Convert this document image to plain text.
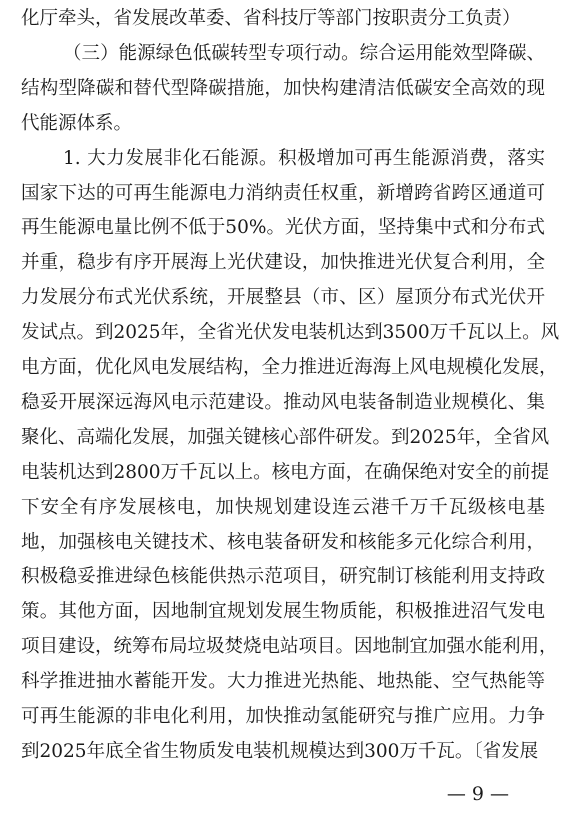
化厅牵头，省发展改革委、省科技厅等部门按职责分工负责）
（三）能源绿色低碳转型专项行动。综合运用能效型降碳、
结构型降碳和替代型降碳措施，加快构建清洁低碳安全高效的现
代能源体系。
1. 大力发展非化石能源。积极增加可再生能源消费，落实
国家下达的可再生能源电力消纳责任权重，新增跨省跨区通道可
再生能源电量比例不低于50%。光伏方面，坚持集中式和分布式
并重，稳步有序开展海上光伏建设，加快推进光伏复合利用，全
力发展分布式光伏系统，开展整县（市、区）屋顶分布式光伏开
发试点。到2025年，全省光伏发电装机达到3500万千瓦以上。风
电方面，优化风电发展结构，全力推进近海海上风电规模化发展，
稳妥开展深远海风电示范建设。推动风电装备制造业规模化、集
聚化、高端化发展，加强关键核心部件研发。到2025年，全省风
电装机达到2800万千瓦以上。核电方面，在确保绝对安全的前提
下安全有序发展核电，加快规划建设连云港千万千瓦级核电基
地，加强核电关键技术、核电装备研发和核能多元化综合利用，
积极稳妥推进绿色核能供热示范项目，研究制订核能利用支持政
策。其他方面，因地制宜规划发展生物质能，积极推进沼气发电
项目建设，统筹布局垃圾焚烧电站项目。因地制宜加强水能利用，
科学推进抽水蓄能开发。大力推进光热能、地热能、空气热能等
可再生能源的非电化利用，加快推动氢能研究与推广应用。力争
到2025年底全省生物质发电装机规模达到300万千瓦。〔省发展
— 9 —
